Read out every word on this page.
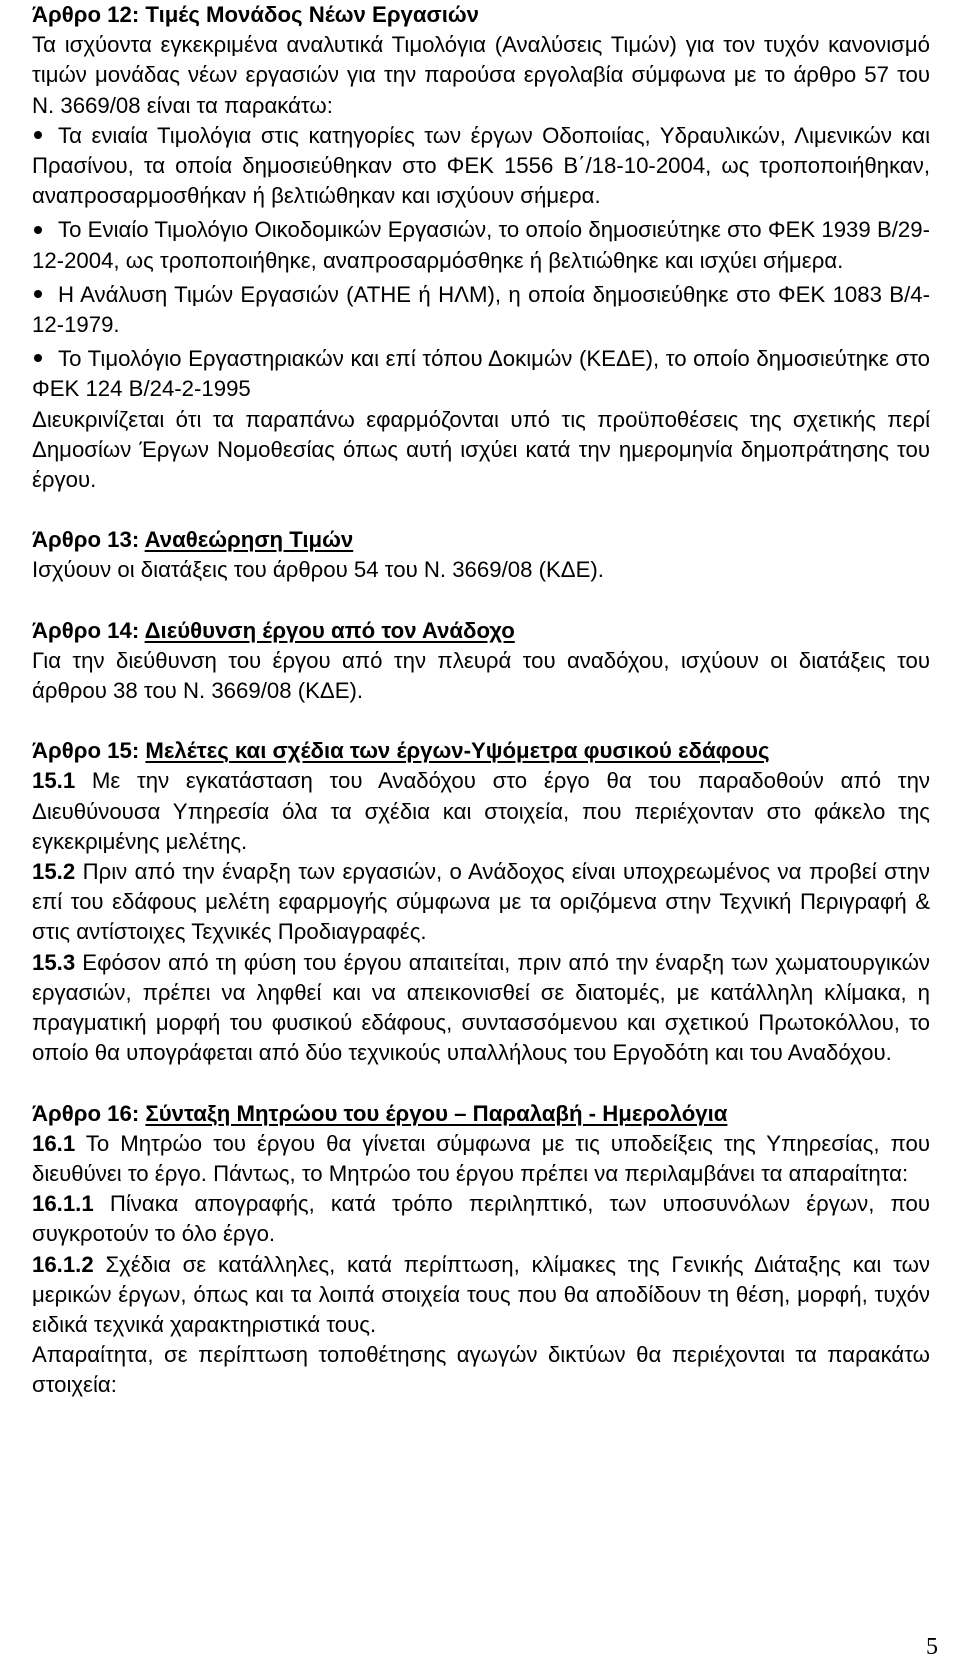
Άρθρο 12: Τιμές Μονάδος Νέων Εργασιών

Τα ισχύοντα εγκεκριμένα αναλυτικά Τιμολόγια (Αναλύσεις Τιμών) για τον τυχόν κανονισμό τιμών μονάδας νέων εργασιών για την παρούσα εργολαβία σύμφωνα με το άρθρο 57 του Ν. 3669/08 είναι τα παρακάτω:

Τα ενιαία Τιμολόγια στις κατηγορίες των έργων Οδοποιίας, Υδραυλικών, Λιμενικών και Πρασίνου, τα οποία δημοσιεύθηκαν στο ΦΕΚ 1556 Β΄/18-10-2004, ως τροποποιήθηκαν, αναπροσαρμοσθήκαν ή βελτιώθηκαν και ισχύουν σήμερα.

Το Ενιαίο Τιμολόγιο Οικοδομικών Εργασιών, το οποίο δημοσιεύτηκε στο ΦΕΚ 1939 Β/29-12-2004, ως τροποποιήθηκε, αναπροσαρμόσθηκε ή βελτιώθηκε και ισχύει σήμερα.

Η Ανάλυση Τιμών Εργασιών (ΑΤΗΕ ή ΗΛΜ), η οποία δημοσιεύθηκε στο ΦΕΚ 1083 Β/4-12-1979.

Το Τιμολόγιο Εργαστηριακών και επί τόπου Δοκιμών (ΚΕΔΕ), το οποίο δημοσιεύτηκε στο ΦΕΚ 124 Β/24-2-1995

Διευκρινίζεται ότι τα παραπάνω εφαρμόζονται υπό τις προϋποθέσεις της σχετικής περί Δημοσίων Έργων Νομοθεσίας όπως αυτή ισχύει κατά την ημερομηνία δημοπράτησης του έργου.

Άρθρο 13: Αναθεώρηση Τιμών

Ισχύουν οι διατάξεις του άρθρου 54 του Ν. 3669/08 (ΚΔΕ).

Άρθρο 14: Διεύθυνση έργου από τον Ανάδοχο

Για την διεύθυνση του έργου από την πλευρά του αναδόχου, ισχύουν οι διατάξεις του άρθρου 38 του Ν. 3669/08 (ΚΔΕ).

Άρθρο 15: Μελέτες και σχέδια των έργων-Υψόμετρα φυσικού εδάφους

15.1 Με την εγκατάσταση του Αναδόχου στο έργο θα του παραδοθούν από την Διευθύνουσα Υπηρεσία όλα τα σχέδια και στοιχεία, που περιέχονταν στο φάκελο της εγκεκριμένης μελέτης.

15.2 Πριν από την έναρξη των εργασιών, ο Ανάδοχος είναι υποχρεωμένος να προβεί στην επί του εδάφους μελέτη εφαρμογής σύμφωνα με τα οριζόμενα στην Τεχνική Περιγραφή & στις αντίστοιχες Τεχνικές Προδιαγραφές.

15.3 Εφόσον από τη φύση του έργου απαιτείται, πριν από την έναρξη των χωματουργικών εργασιών, πρέπει να ληφθεί και να απεικονισθεί σε διατομές, με κατάλληλη κλίμακα, η πραγματική μορφή του φυσικού εδάφους, συντασσόμενου και σχετικού Πρωτοκόλλου, το οποίο θα υπογράφεται από δύο τεχνικούς υπαλλήλους του Εργοδότη και του Αναδόχου.

Άρθρο 16: Σύνταξη Μητρώου του έργου – Παραλαβή - Ημερολόγια

16.1 Το Μητρώο του έργου θα γίνεται σύμφωνα με τις υποδείξεις της Υπηρεσίας, που διευθύνει το έργο. Πάντως, το Μητρώο του έργου πρέπει να περιλαμβάνει τα απαραίτητα:

16.1.1 Πίνακα απογραφής, κατά τρόπο περιληπτικό, των υποσυνόλων έργων, που συγκροτούν το όλο έργο.

16.1.2 Σχέδια σε κατάλληλες, κατά περίπτωση, κλίμακες της Γενικής Διάταξης και των μερικών έργων, όπως και τα λοιπά στοιχεία τους που θα αποδίδουν τη θέση, μορφή, τυχόν ειδικά τεχνικά χαρακτηριστικά τους.

Απαραίτητα, σε περίπτωση τοποθέτησης αγωγών δικτύων θα περιέχονται τα παρακάτω στοιχεία:

5
